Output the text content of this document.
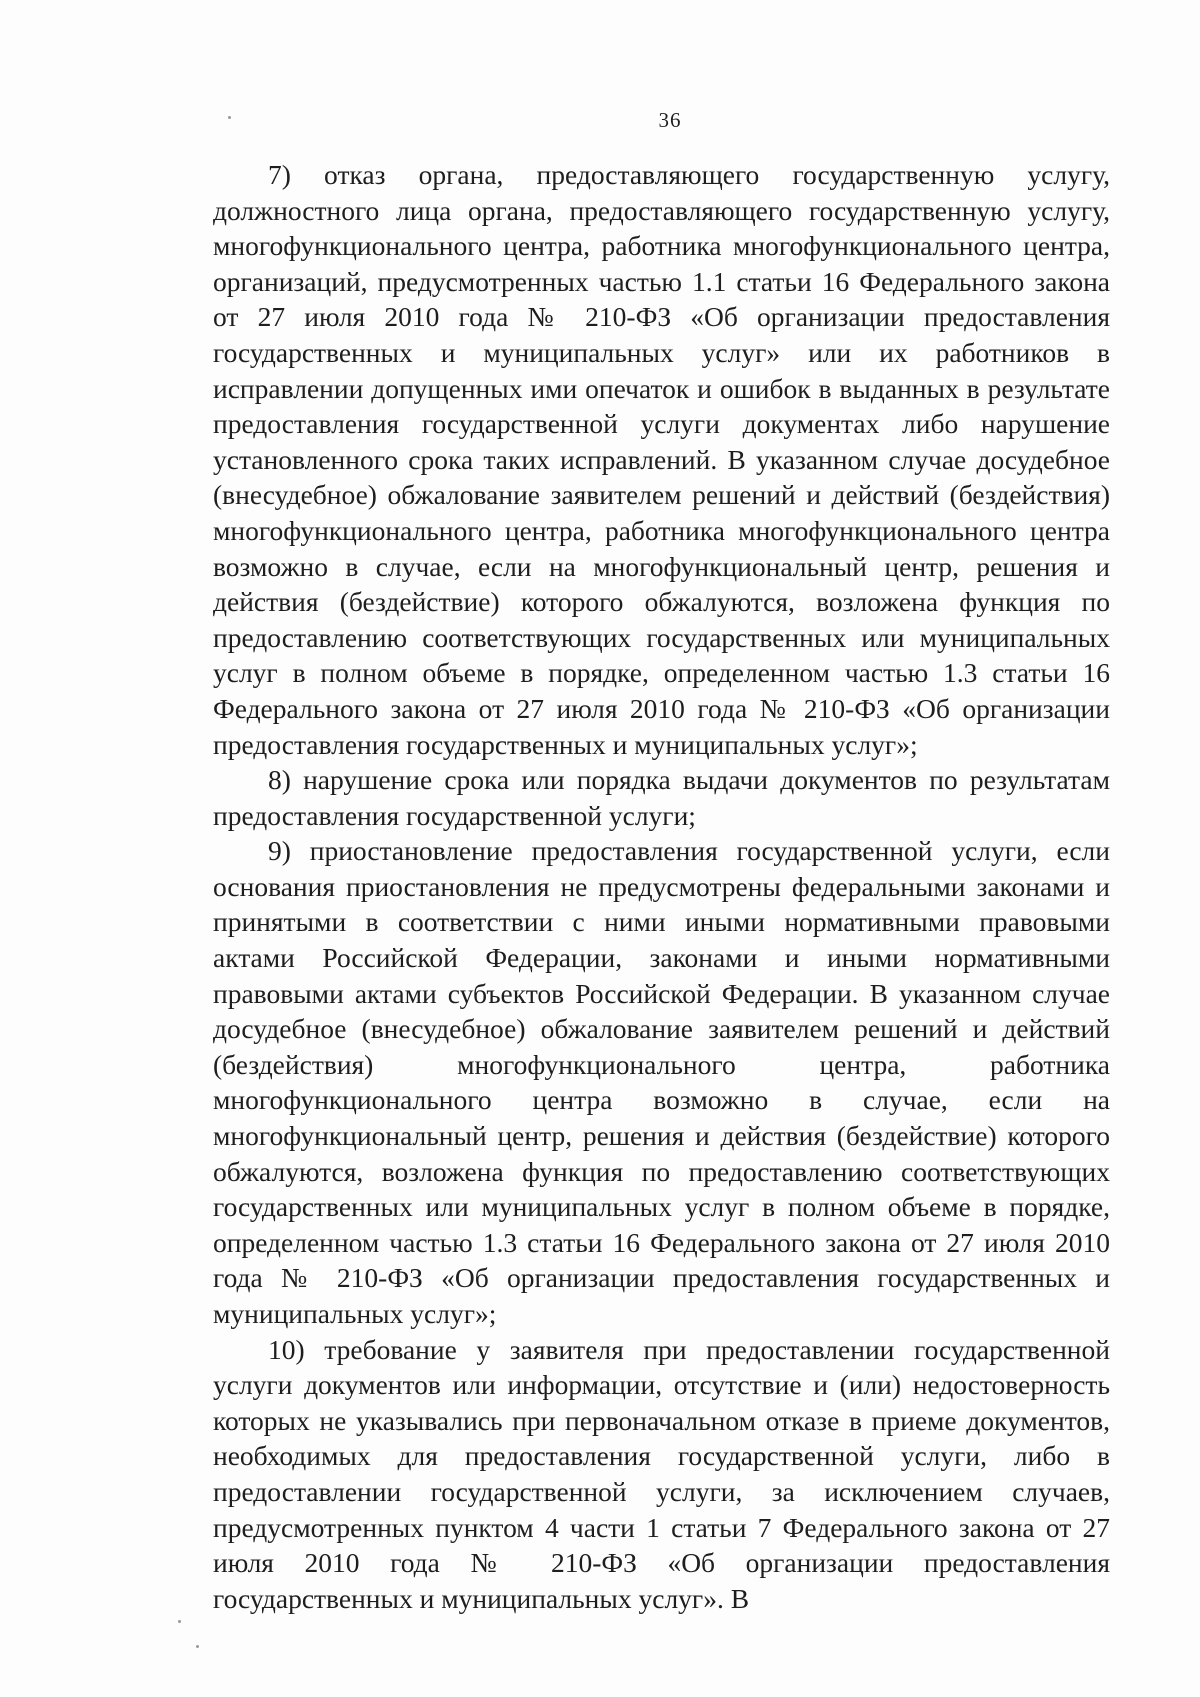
36

7) отказ органа, предоставляющего государственную услугу, должностного лица органа, предоставляющего государственную услугу, многофункционального центра, работника многофункционального центра, организаций, предусмотренных частью 1.1 статьи 16 Федерального закона от 27 июля 2010 года № 210-ФЗ «Об организации предоставления государственных и муниципальных услуг» или их работников в исправлении допущенных ими опечаток и ошибок в выданных в результате предоставления государственной услуги документах либо нарушение установленного срока таких исправлений. В указанном случае досудебное (внесудебное) обжалование заявителем решений и действий (бездействия) многофункционального центра, работника многофункционального центра возможно в случае, если на многофункциональный центр, решения и действия (бездействие) которого обжалуются, возложена функция по предоставлению соответствующих государственных или муниципальных услуг в полном объеме в порядке, определенном частью 1.3 статьи 16 Федерального закона от 27 июля 2010 года № 210-ФЗ «Об организации предоставления государственных и муниципальных услуг»;

8) нарушение срока или порядка выдачи документов по результатам предоставления государственной услуги;

9) приостановление предоставления государственной услуги, если основания приостановления не предусмотрены федеральными законами и принятыми в соответствии с ними иными нормативными правовыми актами Российской Федерации, законами и иными нормативными правовыми актами субъектов Российской Федерации. В указанном случае досудебное (внесудебное) обжалование заявителем решений и действий (бездействия) многофункционального центра, работника многофункционального центра возможно в случае, если на многофункциональный центр, решения и действия (бездействие) которого обжалуются, возложена функция по предоставлению соответствующих государственных или муниципальных услуг в полном объеме в порядке, определенном частью 1.3 статьи 16 Федерального закона от 27 июля 2010 года № 210-ФЗ «Об организации предоставления государственных и муниципальных услуг»;

10) требование у заявителя при предоставлении государственной услуги документов или информации, отсутствие и (или) недостоверность которых не указывались при первоначальном отказе в приеме документов, необходимых для предоставления государственной услуги, либо в предоставлении государственной услуги, за исключением случаев, предусмотренных пунктом 4 части 1 статьи 7 Федерального закона от 27 июля 2010 года № 210-ФЗ «Об организации предоставления государственных и муниципальных услуг». В
